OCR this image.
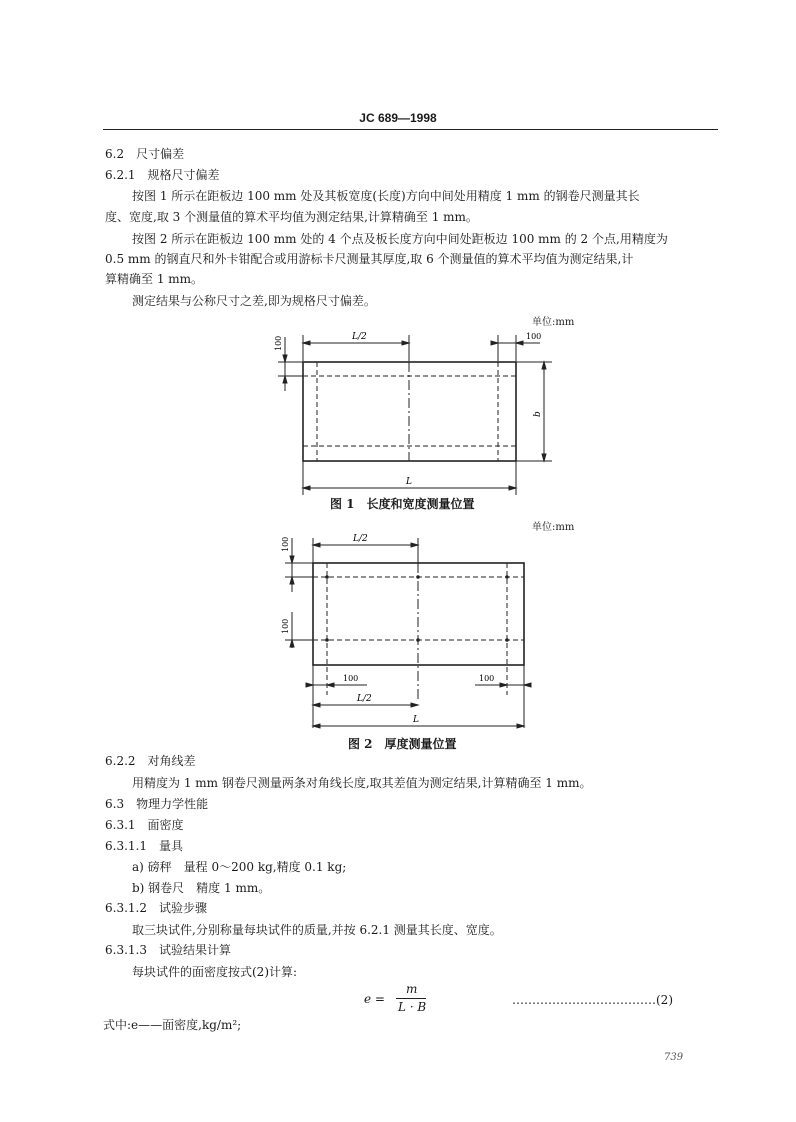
JC 689—1998
6.2　尺寸偏差
6.2.1　规格尺寸偏差
按图 1 所示在距板边 100 mm 处及其板宽度(长度)方向中间处用精度 1 mm 的钢卷尺测量其长
度、宽度,取 3 个测量值的算术平均值为测定结果,计算精确至 1 mm。
按图 2 所示在距板边 100 mm 处的 4 个点及板长度方向中间处距板边 100 mm 的 2 个点,用精度为
0.5 mm 的钢直尺和外卡钳配合或用游标卡尺测量其厚度,取 6 个测量值的算术平均值为测定结果,计
算精确至 1 mm。
测定结果与公称尺寸之差,即为规格尺寸偏差。
单位:mm
L/2	100
100
b
L
图 1　长度和宽度测量位置
单位:mm
L/2
100
100
100	100
L/2
L
图 2　厚度测量位置
6.2.2　对角线差
用精度为 1 mm 钢卷尺测量两条对角线长度,取其差值为测定结果,计算精确至 1 mm。
6.3　物理力学性能
6.3.1　面密度
6.3.1.1　量具
a) 磅秤　量程 0～200 kg,精度 0.1 kg;
b) 钢卷尺　精度 1 mm。
6.3.1.2　试验步骤
取三块试件,分别称量每块试件的质量,并按 6.2.1 测量其长度、宽度。
6.3.1.3　试验结果计算
每块试件的面密度按式(2)计算:
e =
m
L · B	………………………………(2)
式中:e——面密度,kg/m²;
739
